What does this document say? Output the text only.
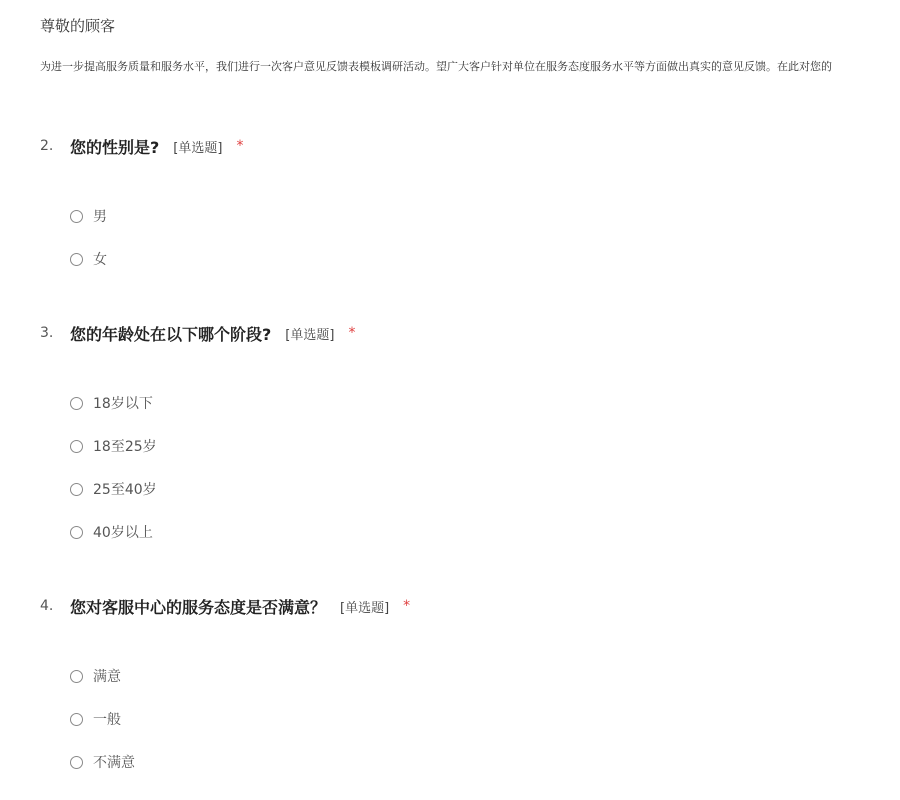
尊敬的顾客
为进一步提高服务质量和服务水平，我们进行一次客户意见反馈表模板调研活动。望广大客户针对单位在服务态度服务水平等方面做出真实的意见反馈。在此对您的
2.	您的性别是? [单选题] *
男
女
3.	您的年龄处在以下哪个阶段? [单选题] *
18岁以下
18至25岁
25至40岁
40岁以上
4.	您对客服中心的服务态度是否满意？ [单选题] *
满意
一般
不满意
